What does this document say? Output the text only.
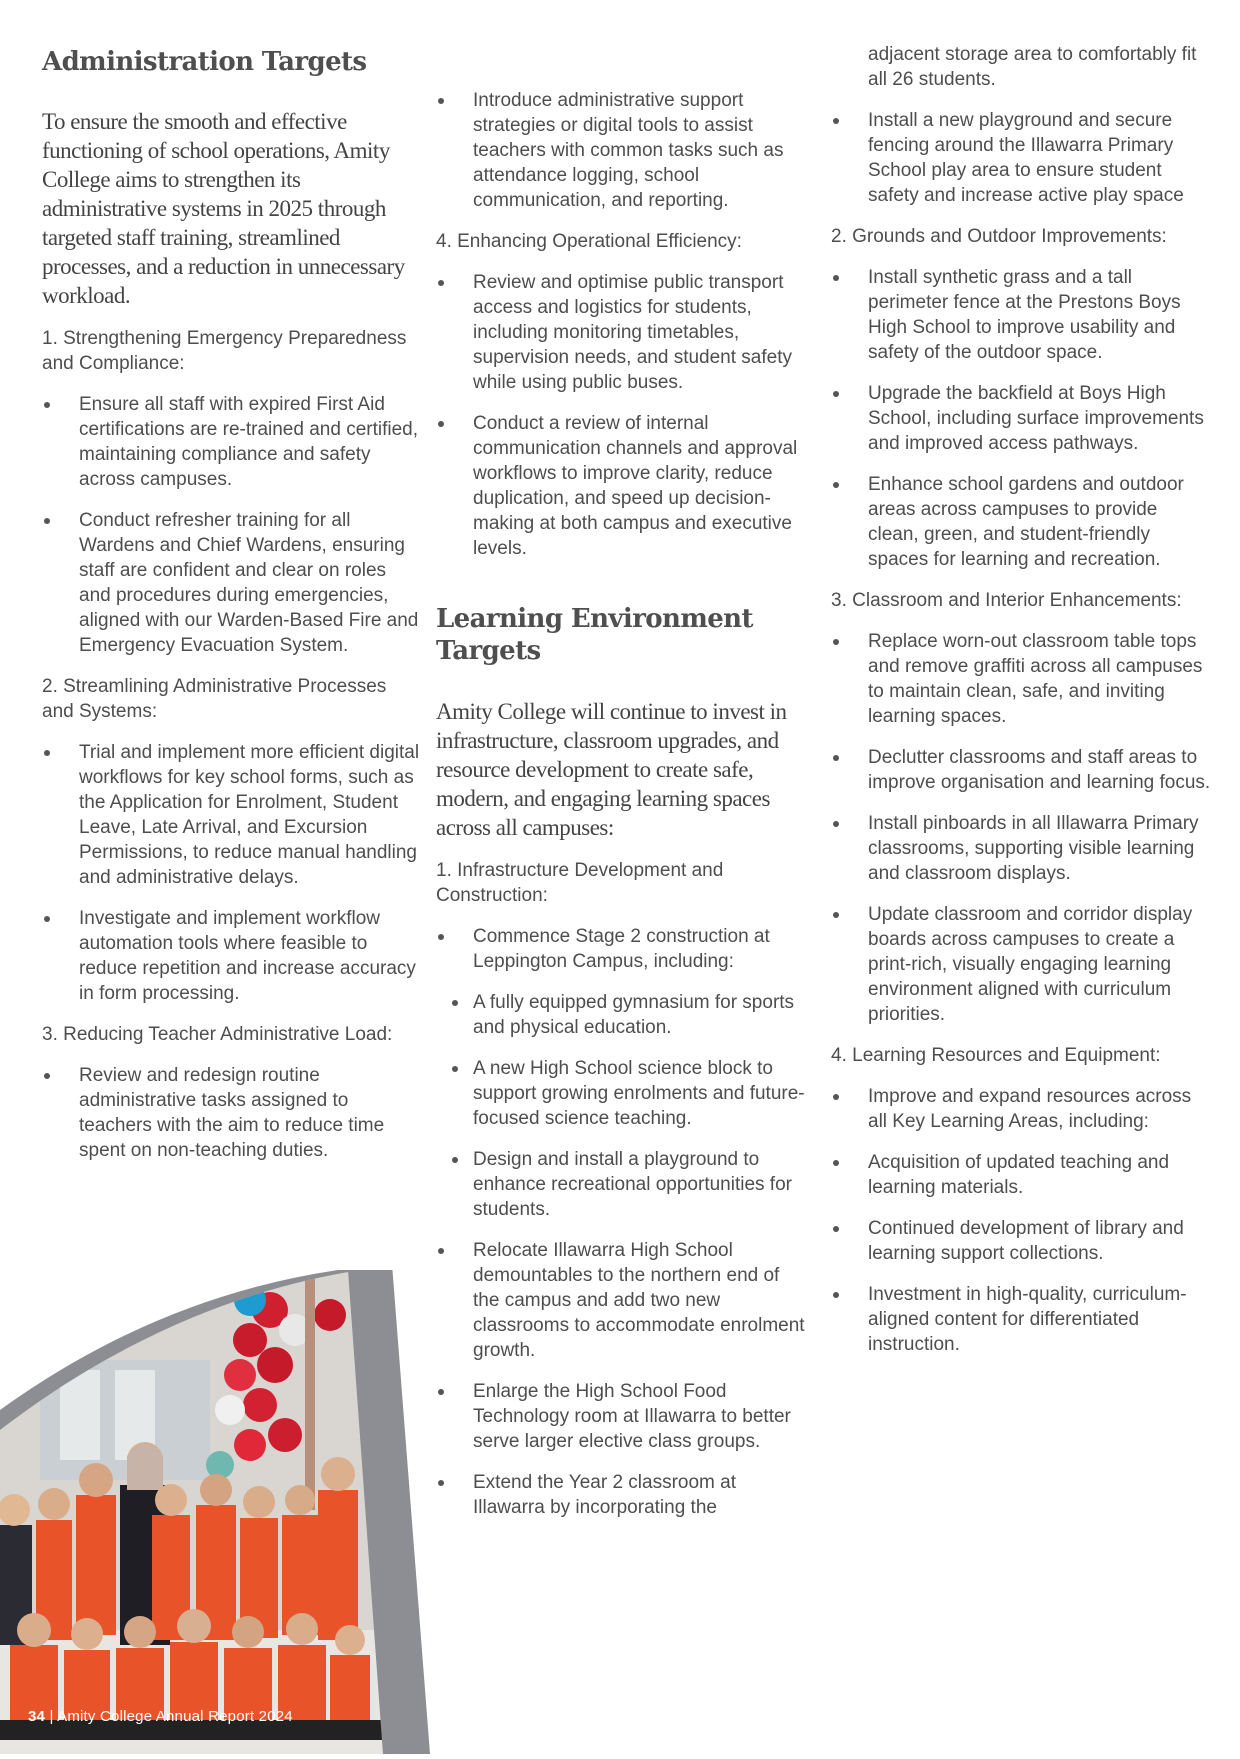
Administration Targets

To ensure the smooth and effective functioning of school operations, Amity College aims to strengthen its administrative systems in 2025 through targeted staff training, streamlined processes, and a reduction in unnecessary workload.

1. Strengthening Emergency Preparedness and Compliance:

Ensure all staff with expired First Aid certifications are re-trained and certified, maintaining compliance and safety across campuses.
Conduct refresher training for all Wardens and Chief Wardens, ensuring staff are confident and clear on roles and procedures during emergencies, aligned with our Warden-Based Fire and Emergency Evacuation System.

2. Streamlining Administrative Processes and Systems:

Trial and implement more efficient digital workflows for key school forms, such as the Application for Enrolment, Student Leave, Late Arrival, and Excursion Permissions, to reduce manual handling and administrative delays.
Investigate and implement workflow automation tools where feasible to reduce repetition and increase accuracy in form processing.

3. Reducing Teacher Administrative Load:

Review and redesign routine administrative tasks assigned to teachers with the aim to reduce time spent on non-teaching duties.
Introduce administrative support strategies or digital tools to assist teachers with common tasks such as attendance logging, school communication, and reporting.

4. Enhancing Operational Efficiency:

Review and optimise public transport access and logistics for students, including monitoring timetables, supervision needs, and student safety while using public buses.
Conduct a review of internal communication channels and approval workflows to improve clarity, reduce duplication, and speed up decision-making at both campus and executive levels.
Learning Environment
Targets

Amity College will continue to invest in infrastructure, classroom upgrades, and resource development to create safe, modern, and engaging learning spaces across all campuses:

1. Infrastructure Development and Construction:

Commence Stage 2 construction at Leppington Campus, including:
A fully equipped gymnasium for sports and physical education.
A new High School science block to support growing enrolments and future-focused science teaching.
Design and install a playground to enhance recreational opportunities for students.
Relocate Illawarra High School demountables to the northern end of the campus and add two new classrooms to accommodate enrolment growth.
Enlarge the High School Food Technology room at Illawarra to better serve larger elective class groups.
Extend the Year 2 classroom at Illawarra by incorporating the
adjacent storage area to comfortably fit all 26 students.
Install a new playground and secure fencing around the Illawarra Primary School play area to ensure student safety and increase active play space

2. Grounds and Outdoor Improvements:

Install synthetic grass and a tall perimeter fence at the Prestons Boys High School to improve usability and safety of the outdoor space.
Upgrade the backfield at Boys High School, including surface improvements and improved access pathways.
Enhance school gardens and outdoor areas across campuses to provide clean, green, and student-friendly spaces for learning and recreation.

3. Classroom and Interior Enhancements:

Replace worn-out classroom table tops and remove graffiti across all campuses to maintain clean, safe, and inviting learning spaces.
Declutter classrooms and staff areas to improve organisation and learning focus.
Install pinboards in all Illawarra Primary classrooms, supporting visible learning and classroom displays.
Update classroom and corridor display boards across campuses to create a print-rich, visually engaging learning environment aligned with curriculum priorities.

4. Learning Resources and Equipment:

Improve and expand resources across all Key Learning Areas, including:
Acquisition of updated teaching and learning materials.
Continued development of library and learning support collections.
Investment in high-quality, curriculum-aligned content for differentiated instruction.
34 | Amity College Annual Report 2024
